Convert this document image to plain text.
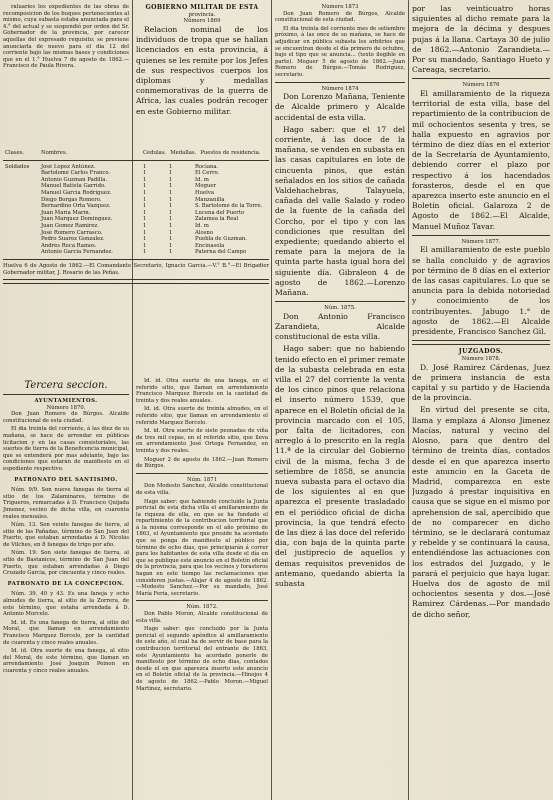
raluaries los expedientes de las obras de recomposicion de los buques pertenecientes al mismo, cuya subasta estaba anunciada para el 4.° del actual y se suspendió por orden del Sr. Gobernador de la provincia, por carecer aquellas del expresado requisito; se previene anunciarla de nuevo para el dia 12 del corriente bajo las mismas bases y condiciones que en el 1.° Huelva 7 de agosto de 1862.—Francisco de Paula Rivera.

Clases.	Nombres.	Cédulas.	Medallas.	Puestos de residencia.
Soldados	José Lopez Antúnez.	1	1	Rociana.
	Bartolomé Carlos Franco.	1	1	El Cerro.
	Antonio Guzman Padilla.	1	1	Id. m
	Manuel Batista Garrido.	1	1	Moguer
	Manuel Garcia Rodriguez.	1	1	Huelva
	Diego Borgas Romero.	1	1	Manzanilla
	Bernardino Orta Vazquez.	1	1	S. Bartolomé de la Torre.
	Juan María Marin.	1	1	Lucena del Puerto
	Juan Marquez Dominguez.	1	1	Zalamea la Real
	Juan Gomez Ramirez.	1	1	Id. m
	José Romero Carrasco.	1	1	Alosno
	Pedro Suarez Gonzalez.	1	1	Puebla de Guzman.
	Andrés Roca Ramos.	1	1	Encinasola
	Antonio Garcia Fernandez.	1	1	Paterna del Campo

Huelva 6 de Agosto de 1862.—El Comandante Secretario, Ignacio Garcia.—V.° B.°—El Brigadier Gobernador militar, J. Rosario de las Peñas.

GOBIERNO MILITAR DE ESTA
provincia.
Número 1869

Relacion nominal de los individuos de tropa que se hallan licenciados en esta provincia, á quienes se les remite por los Jefes de sus respectivos cuerpos los diplomas y medallas conmemorativas de la guerra de Africa, las cuales podrán recoger en este Gobierno militar.

Tercera seccion.
AYUNTAMIENTOS.
Número 1870.

Don Juan Romero de Búrgos. Alcalde constitucional de esta ciudad.

El dia treinta del corriente, á las diez de su mañana, se hace de arrendar en públicas licitacion y en las casas consistoriales, las suertes de tierra de la Beneficencia municipal, que se entenderá por mas adelante, bajo las condiciones que estarán de manifiesto en el espediente respectivo.

PATRONATO DEL SANTISIMO.

Núm. 9/9. Son nueve fanegas de tierra al sitio de los Zalaminares, término de Trigueros, remarcadas á D. Francisco Quijada Jimenez, vecino de dicha villa, en cuarenta reales menuales.

Núm. 13. Son veinte fanegas de tierra, al sitio de las Pañadas, término de San Juan del Puerto, que estaban arrendadas á D. Nicolás de Vilches, en 8 fanegas de trigo por año.

Núm. 19. Son siete fanegas de tierra, al sitio de Bastanicos, término de San Juan del Puerto, que estaban arrendadas á Diego Cruzado Garcia, por cincuenta y cinco reales.

PATRONATO DE LA CONCEPCION.

Núm. 39, 40 y 43. Es una faneja y ocho almudes de tierra, al sitio de la Zorrera, de este término, que estaba arrendada á D. Antonio Morcelo.

Id. id. Es una fanega de tierra, al sitio del Moral, que llaman en arrendamiento Francisco Marquez Borcelo, por la cantidad de cuarenta y cinco reales anuales.

Id. id. Otra suerte de una fanega, al sitio del Moral, de este término, que llaman en arrendamiento José Joaquin Peinon en cuarenta y cinco reales anuales.

Id. id. Otra suerte de una fanega, en el referido sitio, que llaman en arrendamiento Francisco Marquez Borcelo en la cantidad de treinta y dos reales anuales.

Id. id. Otra suerte de treinta almudes, en el referido sitio, que llaman en arrendamiento el referido Marquez Borcelo.

Id. id. Otra suerte de siete peonadas de viña de tres mil cepas, en el referido sitio, que lleva en arrendamiento José Ortega Fernandez, en treinta y dos reales.

Moguer 2 de agosto de 1862.—Juan Romero de Búrgos.

Núm. 1871

Don Modesto Sanchez, Alcalde constitucional de esta villa.

Hago saber: que habiendo concluido la Junta pericial de esta dicha villa el amillaramiento de la riqueza de ella, en que se ha fundado el repartimiento de la contribucion territorial que á la misma corresponde en el año próximo de 1863, el Ayuntamiento que preside ha acordado que se ponga de manifiesto al público por término de ocho dias, que principiarán á correr para los habitantes de esta villa desde el día en que se publique este anuncio en el Boletín oficial de la provincia, para que los vecinos y forasteros hagan en este tiempo las reclamaciones que consideren justas.—Alajar 4 de agosto de 1862.—Modesto Sanchez.—Por su mandado, José María Feria, secretario.

Núm. 1872.

Don Pablo Moron, Alcalde constitucional de esta villa.

Hago saber: que concluido por la Junta pericial el segundo apéndice al amillaramiento de este año, el cual ha de servir de base para la contribucion territorial del entrante de 1863, este Ayuntamiento ha acordado ponerle de manifiesto por término de ocho dias, contados desde el en que aparezca inserto este anuncio en el Boletín oficial de la provincia.—Hinojos 4 de agosto de 1862.—Pablo Moron.—Miguel Martinez, secretario.

Número 1873

Don Juan Romero de Búrgos, Alcalde constitucional de esta ciudad.

El dia treinta del corriente mes de setiembre próximo, á las once de su mañana, se hace de adjudicar en pública subasta los arbitrios que se encuentran desde el día primero de octubre, bajo el tipo que se anuncia... (texto ilegible en parte). Moguer 5 de agosto de 1862.—Juan Romero de Búrgos.—Tomás Rodriguez, secretario.

Número 1874

Don Lorenzo Mañana, Teniente de Alcalde primero y Alcalde accidental de esta villa.

Hago saber: que el 17 del corriente, á las doce de la mañana, se venden en subasta en las casas capitulares en lote de cincuenta pinos, que están señalados en los sitios de cañada Valdehachebras, Talayuela, cañada del valle Salado y rodeo de la fuente de la cañada del Corcho, por el tipo y con las condiciones que resultan del expediente; quedando abierto el remate para la mejora de la quinta parte hasta igual hora del siguiente día. Gibraleon 4 de agosto de 1862.—Lorenzo Mañana.

Núm. 1875.

Don Antonio Francisco Zarandieta, Alcalde constitucional de esta villa.

Hago saber: que no habiendo tenido efecto en el primer remate de la subasta celebrada en esta villa el 27 del corriente la venta de los cinco pinos que relaciona el inserto número 1539, que aparece en el Boletín oficial de la provincia marcado con el 105, por falta de licitadores, con arreglo á lo prescrito en la regla 11.ª de la circular del Gobierno civil de la misma, fecha 3 de setiembre de 1858, se anuncia nueva subasta para el octavo dia de los siguientes al en que aparezca el presente trasladado en el periódico oficial de dicha provincia, la que tendrá efecto de las diez á las doce del referido dia, con baja de la quinta parte del justiprecio de aquellos y demas requisitos prevenidos de antemano, quedando abierta la subasta

por las veinticuatro horas siguientes al dicho remate para la mejora de la décima y despues pujas á la llana. Cartaya 30 de julio de 1862.—Antonio Zarandieta.—Por su mandado, Santiago Hueto y Careaga, secretario.

Número 1876

El amillaramiento de la riqueza territorial de esta villa, base del repartimiento de la contribucion de mil ochocientos sesenta y tres, se halla expuesto en agravios por término de diez días en el exterior de la Secretaría de Ayuntamiento, debiendo correr el plazo por respectivo á los hacendados forasteros, desde el en que aparezca inserto este anuncio en el Boletín oficial. Galaroza 2 de Agosto de 1862.—El Alcalde, Manuel Muñoz Tavar.

Número 1877.

El amillaramiento de este pueblo se halla concluido y de agravios por término de 8 días en el exterior de las casas capitulares. Lo que se anuncia para la debida notoriedad y conocimiento de los contribuyentes. Jabugo 1.° de agosto de 1862.—El Alcalde presidente, Francisco Sanchez Gil.

JUZGADOS.
Número 1878.

D. José Ramirez Cárdenas, Juez de primera instancia de esta capital y su partido y de Hacienda de la provincia.

En virtud del presente se cita, llama y emplaza á Alonso Jimenez Macías, natural y vecino del Alosno, para que dentro del término de treinta días, contados desde el en que aparezca inserto este anuncio en la Gaceta de Madrid, comparezca en este Juzgado á prestar inquisitiva en causa que se sigue en el mismo por aprehension de sal, apercibido que de no comparecer en dicho término, se le declarará contumaz y rebelde y se continuará la causa, entendiéndose las actuaciones con los estrados del Juzgado, y le parará el perjuicio que haya lugar. Huelva dos de agosto de mil ochocientos sesenta y dos.—José Ramirez Cárdenas.—Por mandado de dicho señor,
